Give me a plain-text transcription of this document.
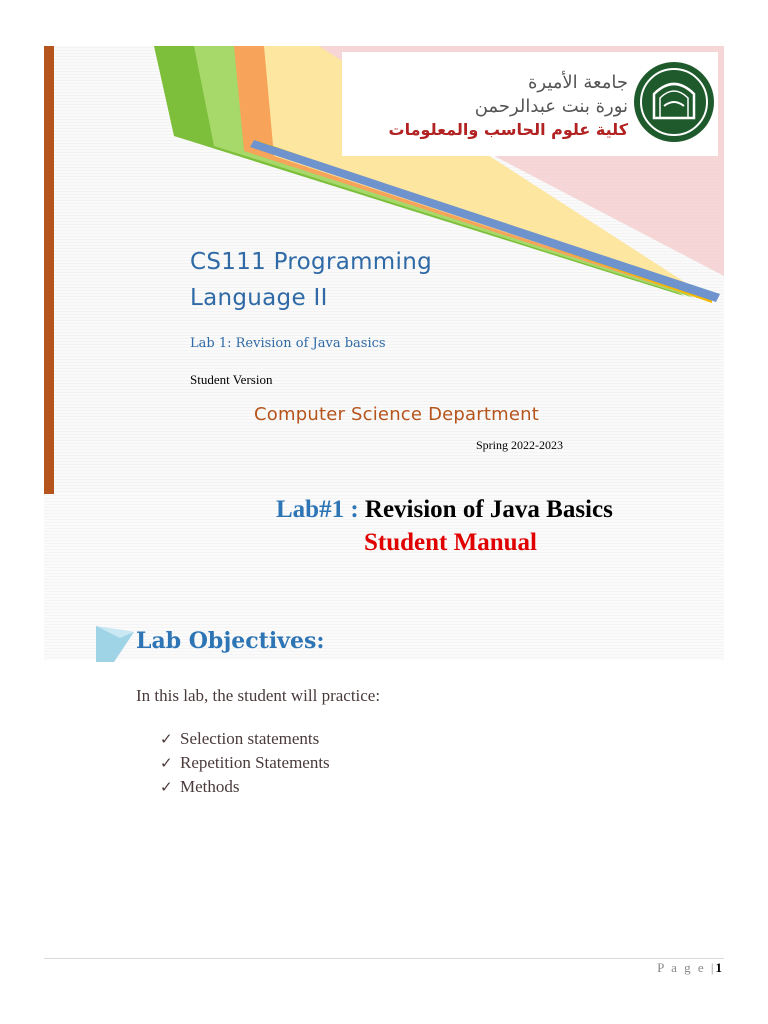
جامعة الأميرة
نورة بنت عبدالرحمن
كلية علوم الحاسب والمعلومات
CS111 Programming
Language II
Lab 1: Revision of Java basics
Student Version
Computer Science Department
Spring 2022-2023
Lab#1 : Revision of Java Basics
Student Manual
Lab Objectives:
In this lab, the student will practice:
✓ Selection statements
✓ Repetition Statements
✓ Methods
P a g e |1
